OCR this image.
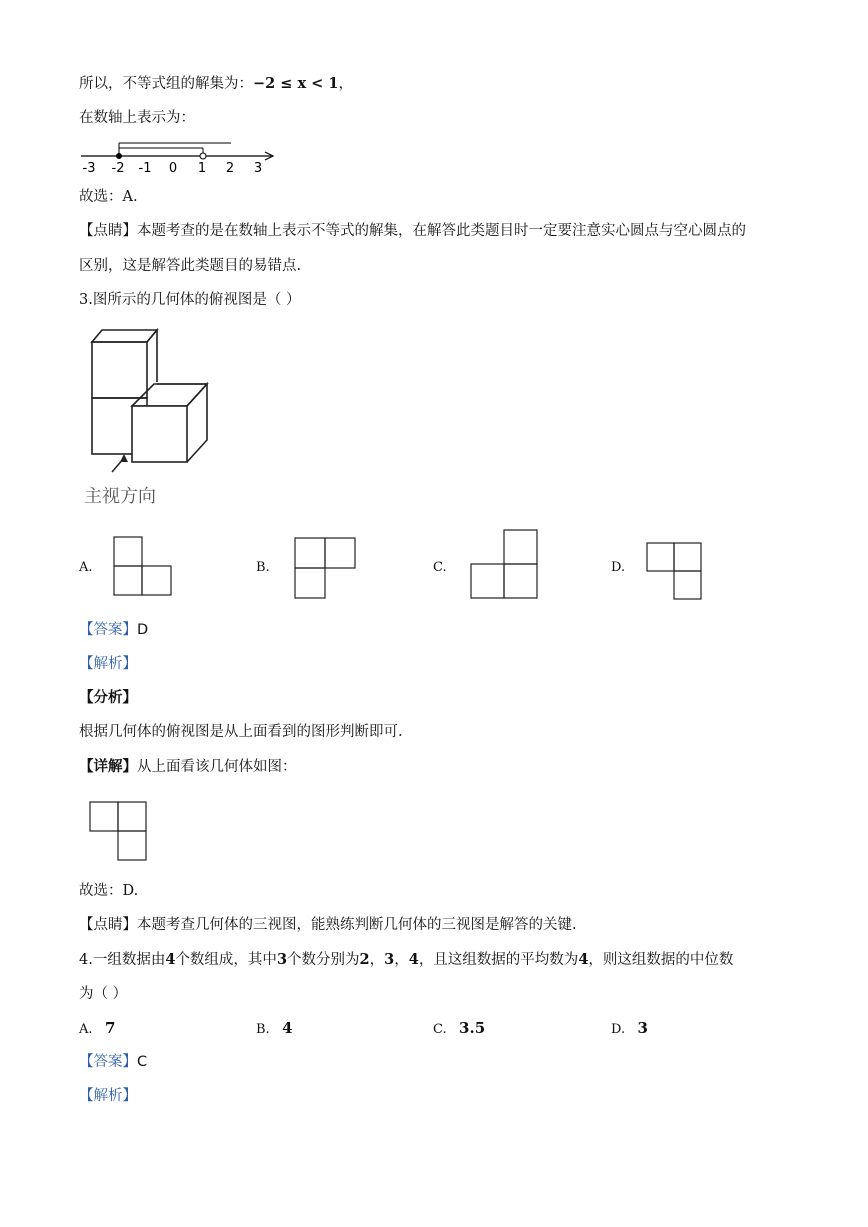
所以，不等式组的解集为：−2 ≤ x < 1，
在数轴上表示为：
-3 -2 -1 0 1 2 3
故选：A.
【点睛】本题考查的是在数轴上表示不等式的解集，在解答此类题目时一定要注意实心圆点与空心圆点的
区别，这是解答此类题目的易错点.
3.图所示的几何体的俯视图是（ ）
主视方向
A.	B.	C.	D.
【答案】D
【解析】
【分析】
根据几何体的俯视图是从上面看到的图形判断即可.
【详解】从上面看该几何体如图：
故选：D.
【点睛】本题考查几何体的三视图，能熟练判断几何体的三视图是解答的关键.
4.一组数据由4个数组成，其中3个数分别为2，3，4，且这组数据的平均数为4，则这组数据的中位数
为（ ）
A. 7	B. 4	C. 3.5	D. 3
【答案】C
【解析】
